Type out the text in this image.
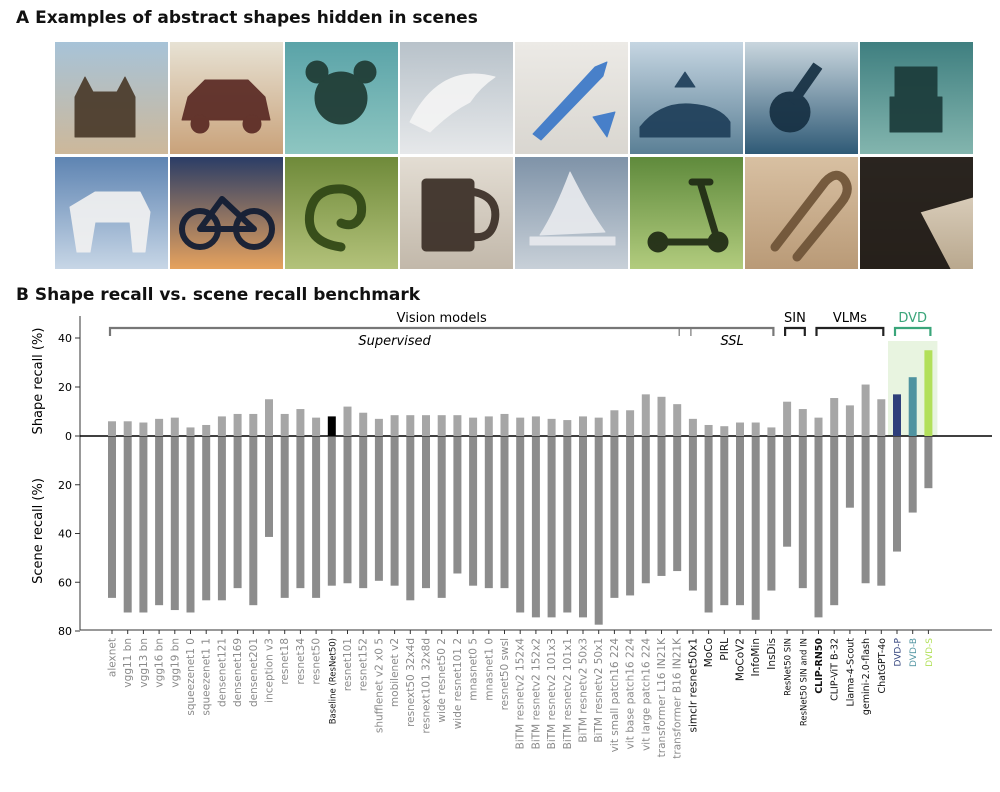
A Examples of abstract shapes hidden in scenes
B Shape recall vs. scene recall benchmark
40
20
0
20
40
60
80
Shape recall (%)
Scene recall (%)
alexnet vgg11 bn vgg13 bn vgg16 bn vgg19 bn squeezenet1 0 squeezenet1 1 densenet121 densenet169 densenet201 inception v3 resnet18 resnet34 resnet50 Baseline (ResNet50) resnet101 resnet152 shufflenet v2 x0 5 mobilenet v2 resnext50 32x4d resnext101 32x8d wide resnet50 2 wide resnet101 2 mnasnet0 5 mnasnet1 0 resnet50 swsl BiTM resnetv2 152x4 BiTM resnetv2 152x2 BiTM resnetv2 101x3 BiTM resnetv2 101x1 BiTM resnetv2 50x3 BiTM resnetv2 50x1 vit small patch16 224 vit base patch16 224 vit large patch16 224 transformer L16 IN21K transformer B16 IN21K simclr resnet50x1 MoCo PIRL MoCoV2 InfoMin InsDis ResNet50 SIN ResNet50 SIN and IN CLIP-RN50 CLIP-ViT B-32 Llama-4-Scout gemini-2.0-flash ChatGPT-4o DVD-P DVD-B DVD-S
Vision models
Supervised	SSL
SIN VLMs DVD
